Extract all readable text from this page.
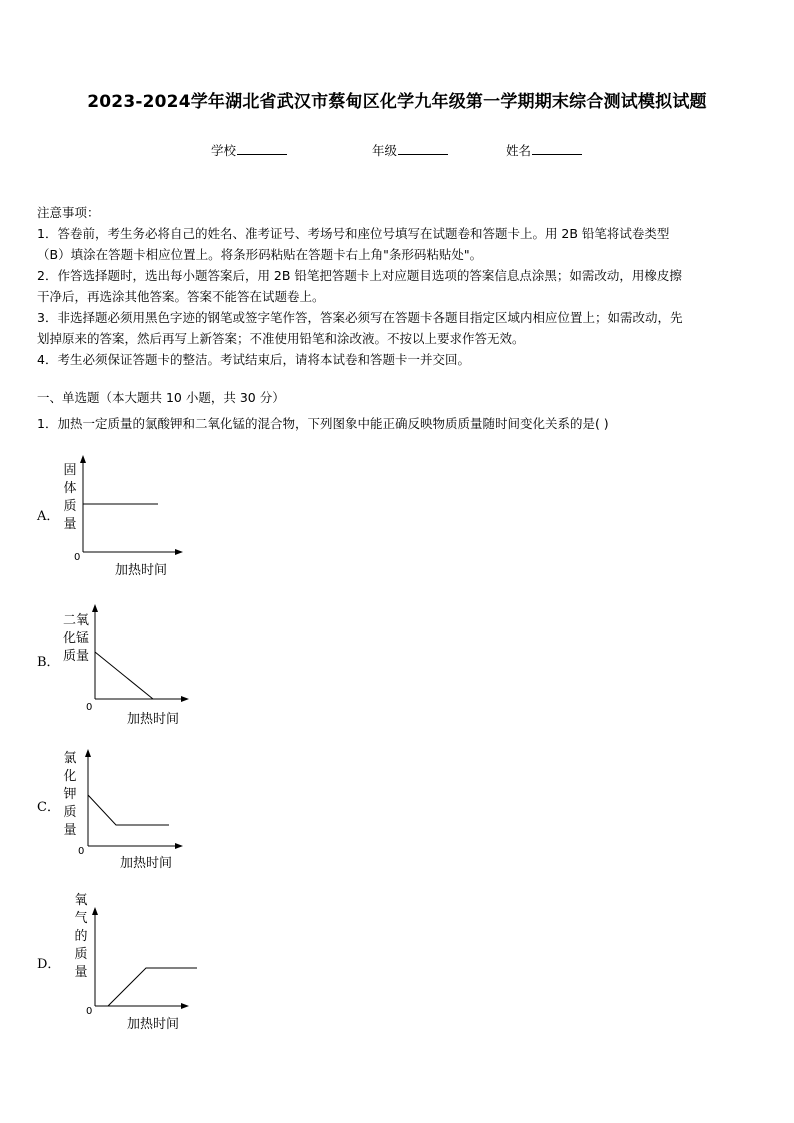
2023-2024学年湖北省武汉市蔡甸区化学九年级第一学期期末综合测试模拟试题
学校	年级	姓名

注意事项：

1．答卷前，考生务必将自己的姓名、准考证号、考场号和座位号填写在试题卷和答题卡上。用 2B 铅笔将试卷类型

（B）填涂在答题卡相应位置上。将条形码粘贴在答题卡右上角"条形码粘贴处"。

2．作答选择题时，选出每小题答案后，用 2B 铅笔把答题卡上对应题目选项的答案信息点涂黑；如需改动，用橡皮擦

干净后，再选涂其他答案。答案不能答在试题卷上。

3．非选择题必须用黑色字迹的钢笔或签字笔作答，答案必须写在答题卡各题目指定区域内相应位置上；如需改动，先

划掉原来的答案，然后再写上新答案；不准使用铅笔和涂改液。不按以上要求作答无效。

4．考生必须保证答题卡的整洁。考试结束后，请将本试卷和答题卡一并交回。

一、单选题（本大题共 10 小题，共 30 分）
1．加热一定质量的氯酸钾和二氧化锰的混合物，下列图象中能正确反映物质质量随时间变化关系的是( )
A．
固
体
质
量
0
加热时间
B．
二氧
化锰
质量
0
加热时间
C．
氯
化
钾
质
量
0
加热时间
D．
氧
气
的
质
量
0
加热时间
